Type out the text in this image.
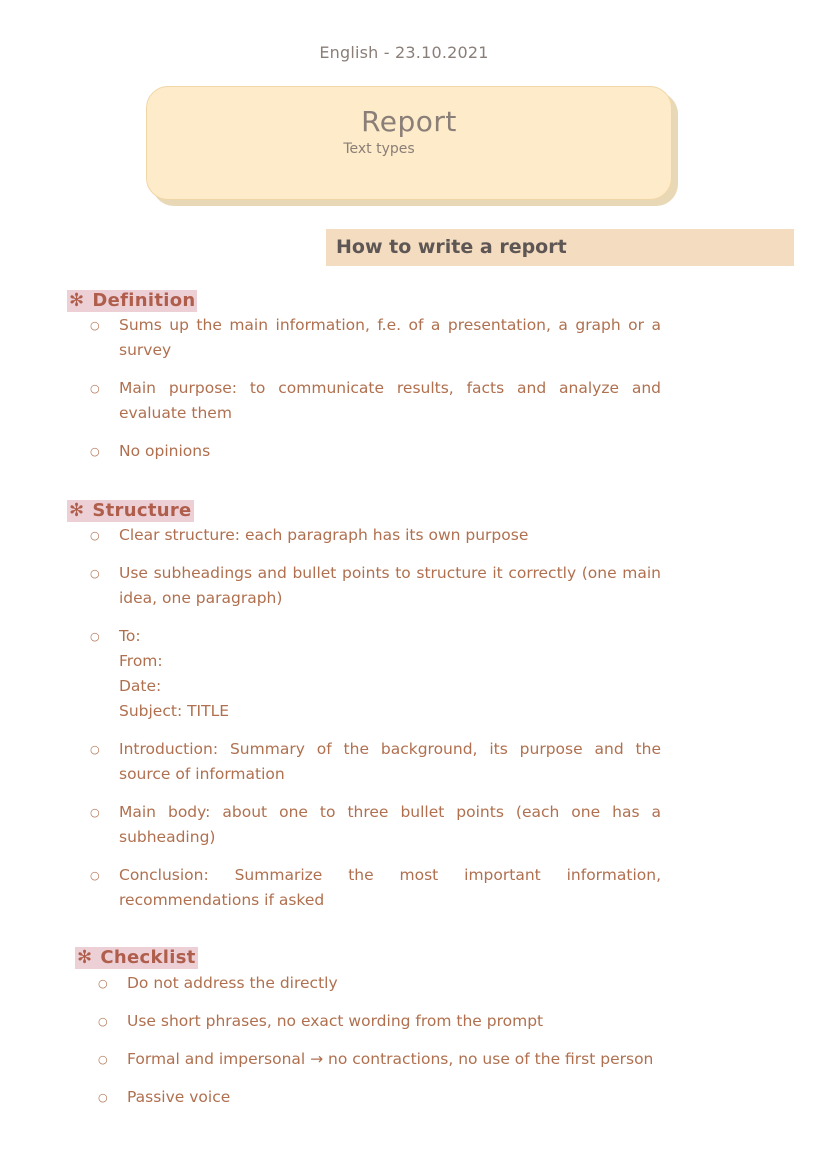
English - 23.10.2021
Report
Text types
How to write a report
✻ Definition
○ Sums up the main information, f.e. of a presentation, a graph or a survey
○ Main purpose: to communicate results, facts and analyze and evaluate them
○ No opinions
✻ Structure
○ Clear structure: each paragraph has its own purpose
○ Use subheadings and bullet points to structure it correctly (one main idea, one paragraph)
○ To:
From:
Date:
Subject: TITLE
○ Introduction: Summary of the background, its purpose and the source of information
○ Main body: about one to three bullet points (each one has a subheading)
○ Conclusion: Summarize the most important information, recommendations if asked
✻ Checklist
○ Do not address the directly
○ Use short phrases, no exact wording from the prompt
○ Formal and impersonal → no contractions, no use of the first person
○ Passive voice
